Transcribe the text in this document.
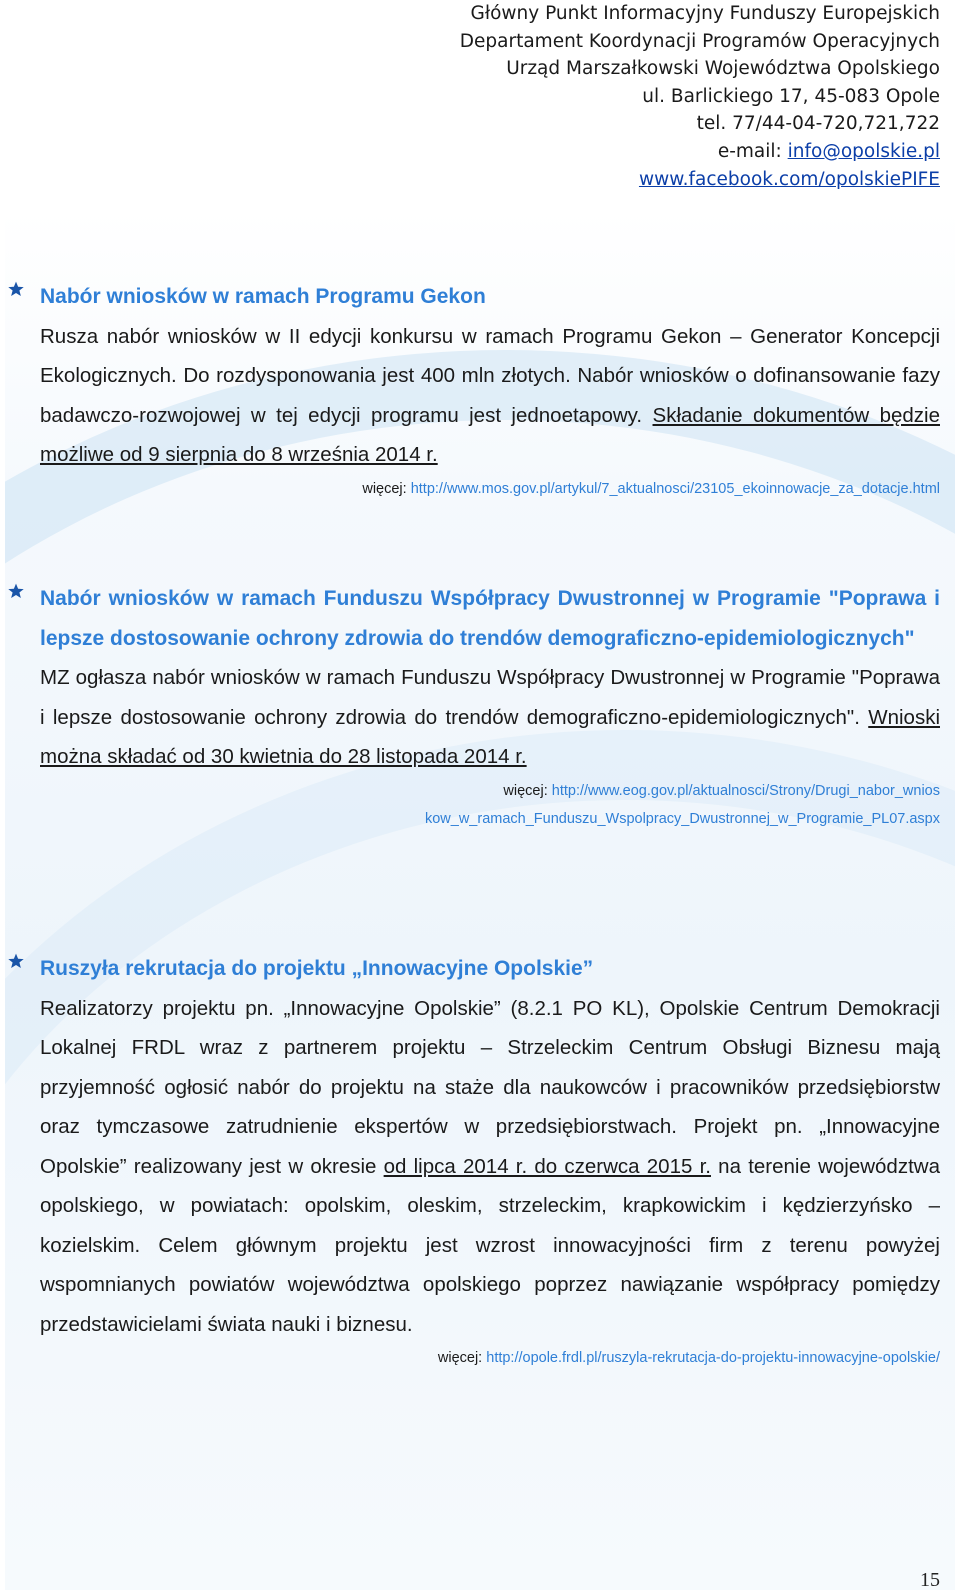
Główny Punkt Informacyjny Funduszy Europejskich
Departament Koordynacji Programów Operacyjnych
Urząd Marszałkowski Województwa Opolskiego
ul. Barlickiego 17, 45-083 Opole
tel. 77/44-04-720,721,722
e-mail: info@opolskie.pl
www.facebook.com/opolskiePIFE

Nabór wniosków w ramach Programu Gekon

Rusza nabór wniosków w II edycji konkursu w ramach Programu Gekon – Generator Koncepcji Ekologicznych. Do rozdysponowania jest 400 mln złotych. Nabór wniosków o dofinansowanie fazy badawczo-rozwojowej w tej edycji programu jest jednoetapowy. Składanie dokumentów będzie możliwe od 9 sierpnia do 8 września 2014 r.

więcej: http://www.mos.gov.pl/artykul/7_aktualnosci/23105_ekoinnowacje_za_dotacje.html

Nabór wniosków w ramach Funduszu Współpracy Dwustronnej w Programie "Poprawa i lepsze dostosowanie ochrony zdrowia do trendów demograficzno-epidemiologicznych"

MZ ogłasza nabór wniosków w ramach Funduszu Współpracy Dwustronnej w Programie "Poprawa i lepsze dostosowanie ochrony zdrowia do trendów demograficzno-epidemiologicznych". Wnioski można składać od 30 kwietnia do 28 listopada 2014 r.

więcej: http://www.eog.gov.pl/aktualnosci/Strony/Drugi_nabor_wnios
kow_w_ramach_Funduszu_Wspolpracy_Dwustronnej_w_Programie_PL07.aspx

Ruszyła rekrutacja do projektu „Innowacyjne Opolskie”

Realizatorzy projektu pn. „Innowacyjne Opolskie” (8.2.1 PO KL), Opolskie Centrum Demokracji Lokalnej FRDL wraz z partnerem projektu – Strzeleckim Centrum Obsługi Biznesu mają przyjemność ogłosić nabór do projektu na staże dla naukowców i pracowników przedsiębiorstw oraz tymczasowe zatrudnienie ekspertów w przedsiębiorstwach. Projekt pn. „Innowacyjne Opolskie” realizowany jest w okresie od lipca 2014 r. do czerwca 2015 r. na terenie województwa opolskiego, w powiatach: opolskim, oleskim, strzeleckim, krapkowickim i kędzierzyńsko – kozielskim. Celem głównym projektu jest wzrost innowacyjności firm z terenu powyżej wspomnianych powiatów województwa opolskiego poprzez nawiązanie współpracy pomiędzy przedstawicielami świata nauki i biznesu.

więcej: http://opole.frdl.pl/ruszyla-rekrutacja-do-projektu-innowacyjne-opolskie/

15
